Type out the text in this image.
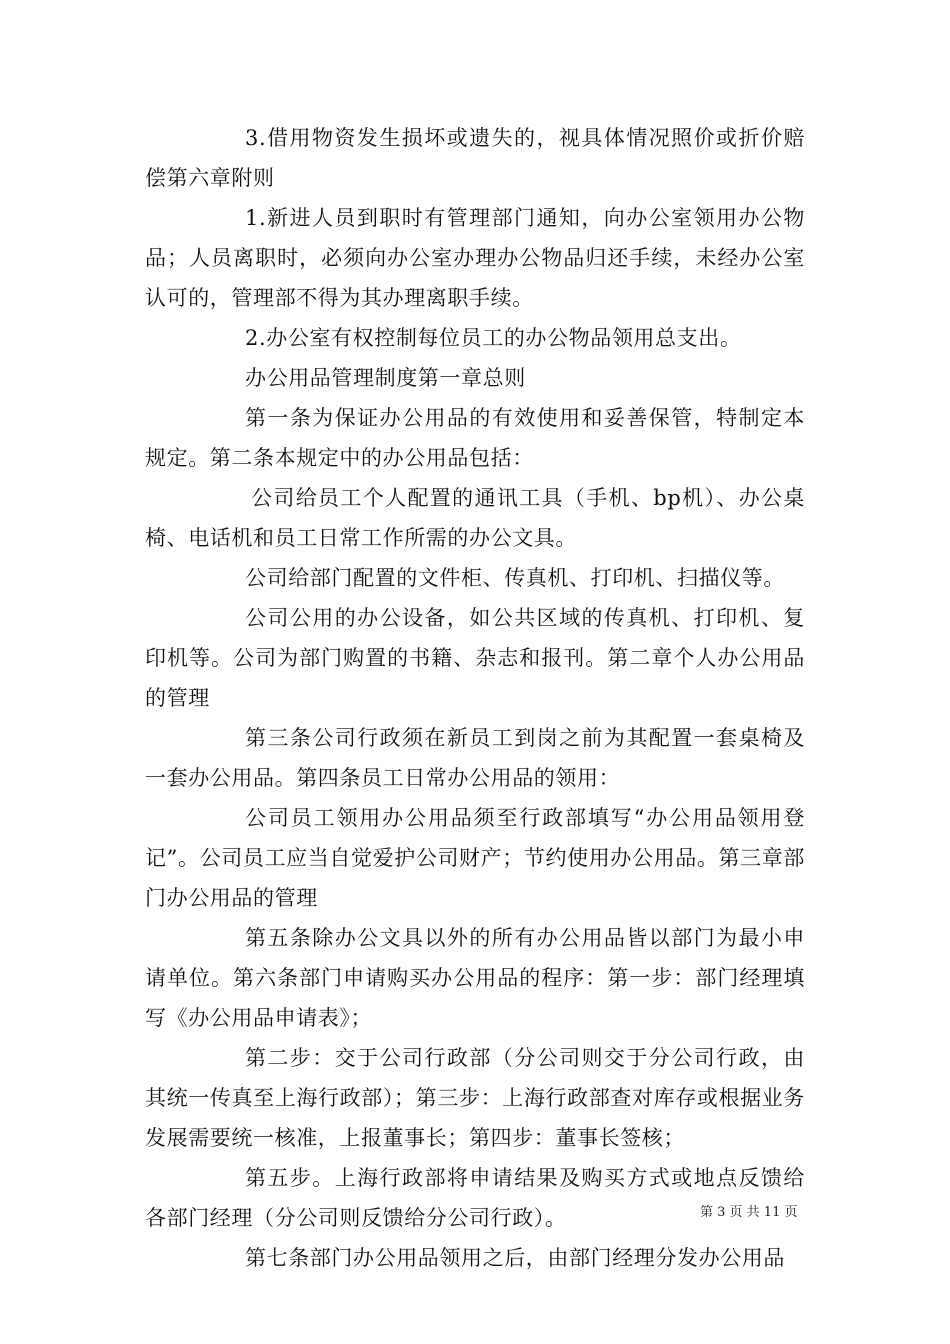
3.借用物资发生损坏或遗失的，视具体情况照价或折价赔偿第六章附则

1.新进人员到职时有管理部门通知，向办公室领用办公物品；人员离职时，必须向办公室办理办公物品归还手续，未经办公室认可的，管理部不得为其办理离职手续。

2.办公室有权控制每位员工的办公物品领用总支出。

办公用品管理制度第一章总则

第一条为保证办公用品的有效使用和妥善保管，特制定本规定。第二条本规定中的办公用品包括：

公司给员工个人配置的通讯工具（手机、bp机）、办公桌椅、电话机和员工日常工作所需的办公文具。

公司给部门配置的文件柜、传真机、打印机、扫描仪等。

公司公用的办公设备，如公共区域的传真机、打印机、复印机等。公司为部门购置的书籍、杂志和报刊。第二章个人办公用品的管理

第三条公司行政须在新员工到岗之前为其配置一套桌椅及一套办公用品。第四条员工日常办公用品的领用：

公司员工领用办公用品须至行政部填写“办公用品领用登记”。公司员工应当自觉爱护公司财产；节约使用办公用品。第三章部门办公用品的管理

第五条除办公文具以外的所有办公用品皆以部门为最小申请单位。第六条部门申请购买办公用品的程序：第一步：部门经理填写《办公用品申请表》；

第二步：交于公司行政部（分公司则交于分公司行政，由其统一传真至上海行政部）；第三步：上海行政部查对库存或根据业务发展需要统一核准，上报董事长；第四步：董事长签核；

第五步。上海行政部将申请结果及购买方式或地点反馈给各部门经理（分公司则反馈给分公司行政）。

第七条部门办公用品领用之后，由部门经理分发办公用品

第 3 页 共 11 页
